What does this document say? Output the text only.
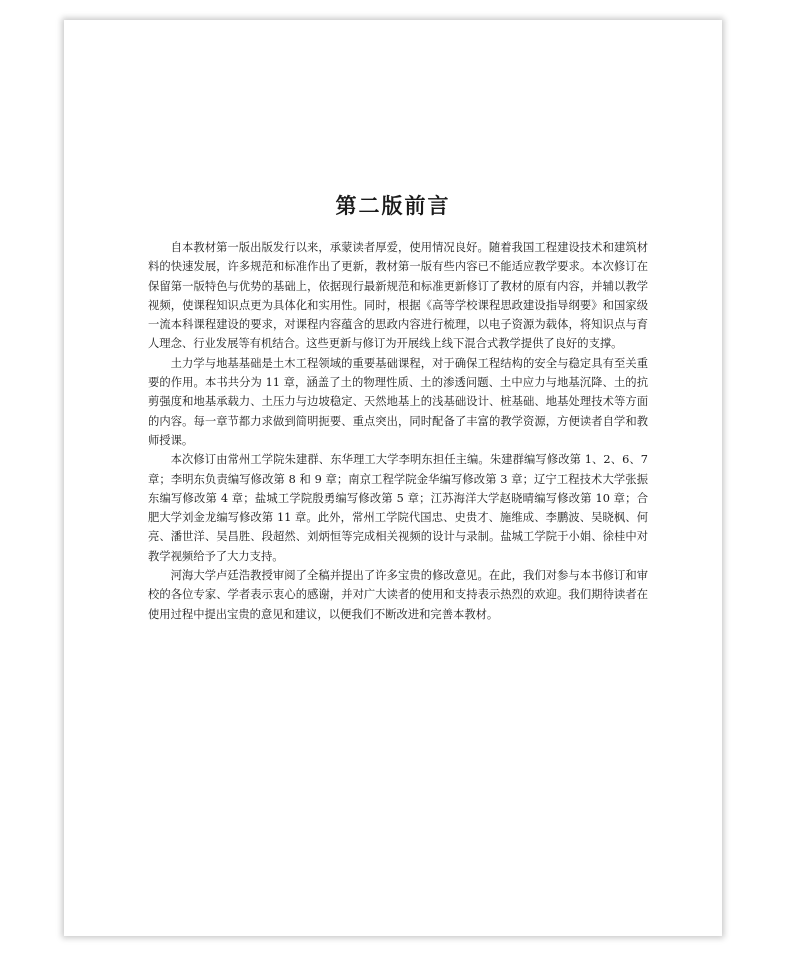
第二版前言

自本教材第一版出版发行以来，承蒙读者厚爱，使用情况良好。随着我国工程建设技术和建筑材料的快速发展，许多规范和标准作出了更新，教材第一版有些内容已不能适应教学要求。本次修订在保留第一版特色与优势的基础上，依据现行最新规范和标准更新修订了教材的原有内容，并辅以教学视频，使课程知识点更为具体化和实用性。同时，根据《高等学校课程思政建设指导纲要》和国家级一流本科课程建设的要求，对课程内容蕴含的思政内容进行梳理，以电子资源为载体，将知识点与育人理念、行业发展等有机结合。这些更新与修订为开展线上线下混合式教学提供了良好的支撑。

土力学与地基基础是土木工程领域的重要基础课程，对于确保工程结构的安全与稳定具有至关重要的作用。本书共分为 11 章，涵盖了土的物理性质、土的渗透问题、土中应力与地基沉降、土的抗剪强度和地基承载力、土压力与边坡稳定、天然地基上的浅基础设计、桩基础、地基处理技术等方面的内容。每一章节都力求做到简明扼要、重点突出，同时配备了丰富的教学资源，方便读者自学和教师授课。

本次修订由常州工学院朱建群、东华理工大学李明东担任主编。朱建群编写修改第 1、2、6、7 章；李明东负责编写修改第 8 和 9 章；南京工程学院金华编写修改第 3 章；辽宁工程技术大学张振东编写修改第 4 章；盐城工学院殷勇编写修改第 5 章；江苏海洋大学赵晓晴编写修改第 10 章；合肥大学刘金龙编写修改第 11 章。此外，常州工学院代国忠、史贵才、施维成、李鹏波、吴晓枫、何亮、潘世洋、吴昌胜、段超然、刘炳恒等完成相关视频的设计与录制。盐城工学院于小娟、徐桂中对教学视频给予了大力支持。

河海大学卢廷浩教授审阅了全稿并提出了许多宝贵的修改意见。在此，我们对参与本书修订和审校的各位专家、学者表示衷心的感谢，并对广大读者的使用和支持表示热烈的欢迎。我们期待读者在使用过程中提出宝贵的意见和建议，以便我们不断改进和完善本教材。
